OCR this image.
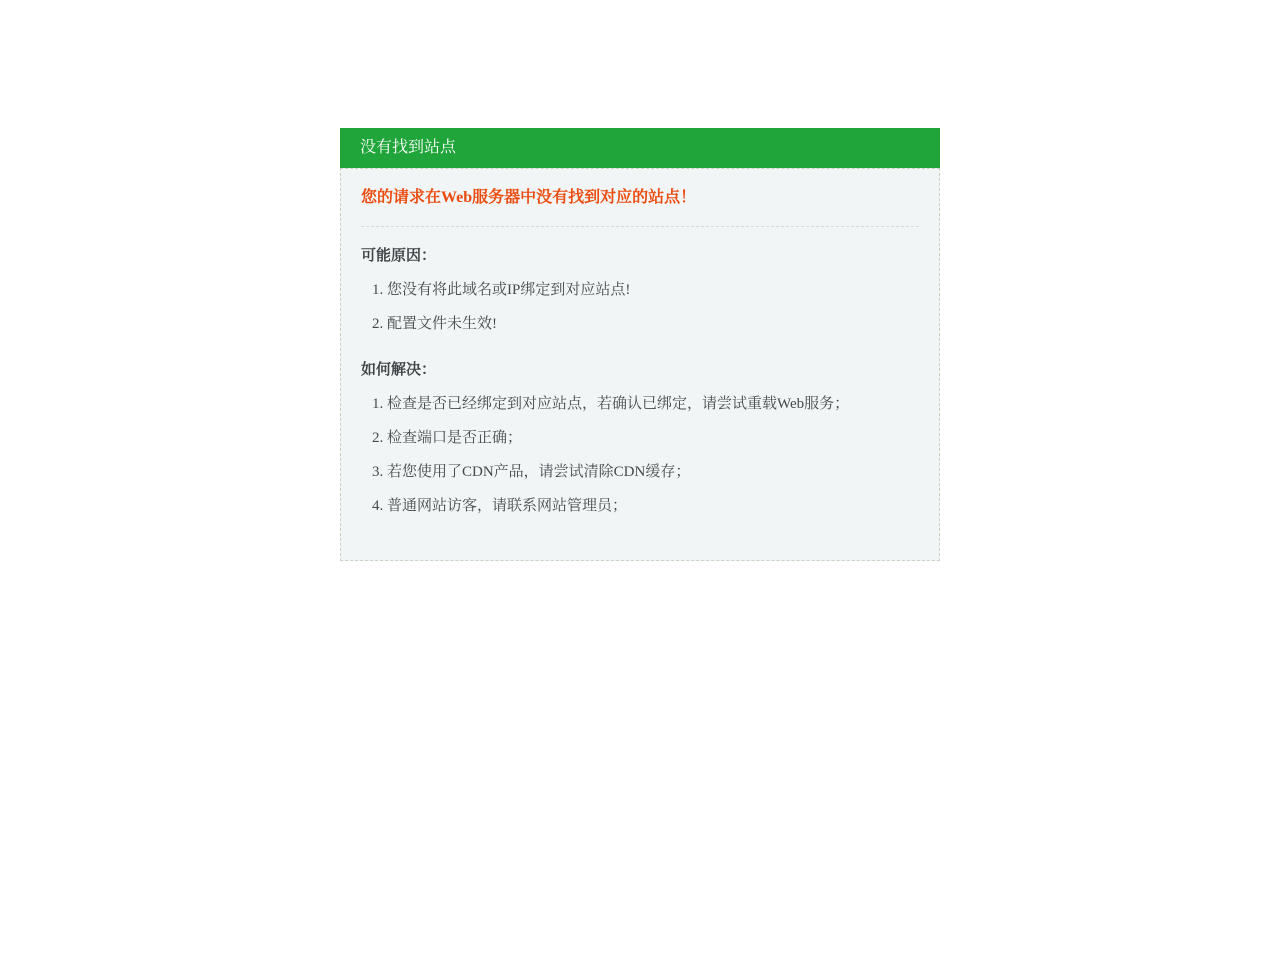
没有找到站点

您的请求在Web服务器中没有找到对应的站点！

可能原因：

1. 您没有将此域名或IP绑定到对应站点!
2. 配置文件未生效!

如何解决：

1. 检查是否已经绑定到对应站点，若确认已绑定，请尝试重载Web服务；
2. 检查端口是否正确；
3. 若您使用了CDN产品，请尝试清除CDN缓存；
4. 普通网站访客，请联系网站管理员；
